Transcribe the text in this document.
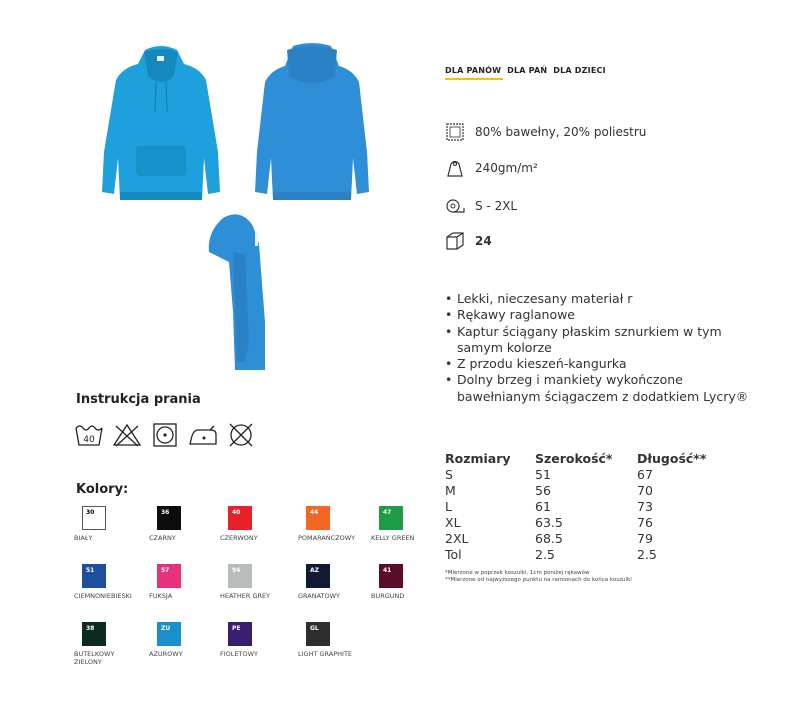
Instrukcja prania
40
Kolory:
30
BIAŁY
36
CZARNY
40
CZERWONY
44
POMARAŃCZOWY
47
KELLY GREEN
51
CIEMNONIEBIESKI
57
FUKSJA
94
HEATHER GREY
AZ
GRANATOWY
41
BURGUND
38
BUTELKOWY ZIELONY
ZU
AZUROWY
PE
FIOLETOWY
GL
LIGHT GRAPHITE
DLA PANÓW DLA PAŃ DLA DZIECI
80% bawełny, 20% poliestru
240gm/m²
S - 2XL
24
• Lekki, nieczesany materiał r
• Rękawy raglanowe
• Kaptur ściągany płaskim sznurkiem w tym samym kolorze
• Z przodu kieszeń-kangurka
• Dolny brzeg i mankiety wykończone bawełnianym ściągaczem z dodatkiem Lycry®
Rozmiary	Szerokość*	Długość**
S	51	67
M	56	70
L	61	73
XL	63.5	76
2XL	68.5	79
Tol	2.5	2.5
*Mierzone w poprzek koszulki, 1cm poniżej rękawów
**Mierzone od najwyższego punktu na ramionach do końca koszulki
